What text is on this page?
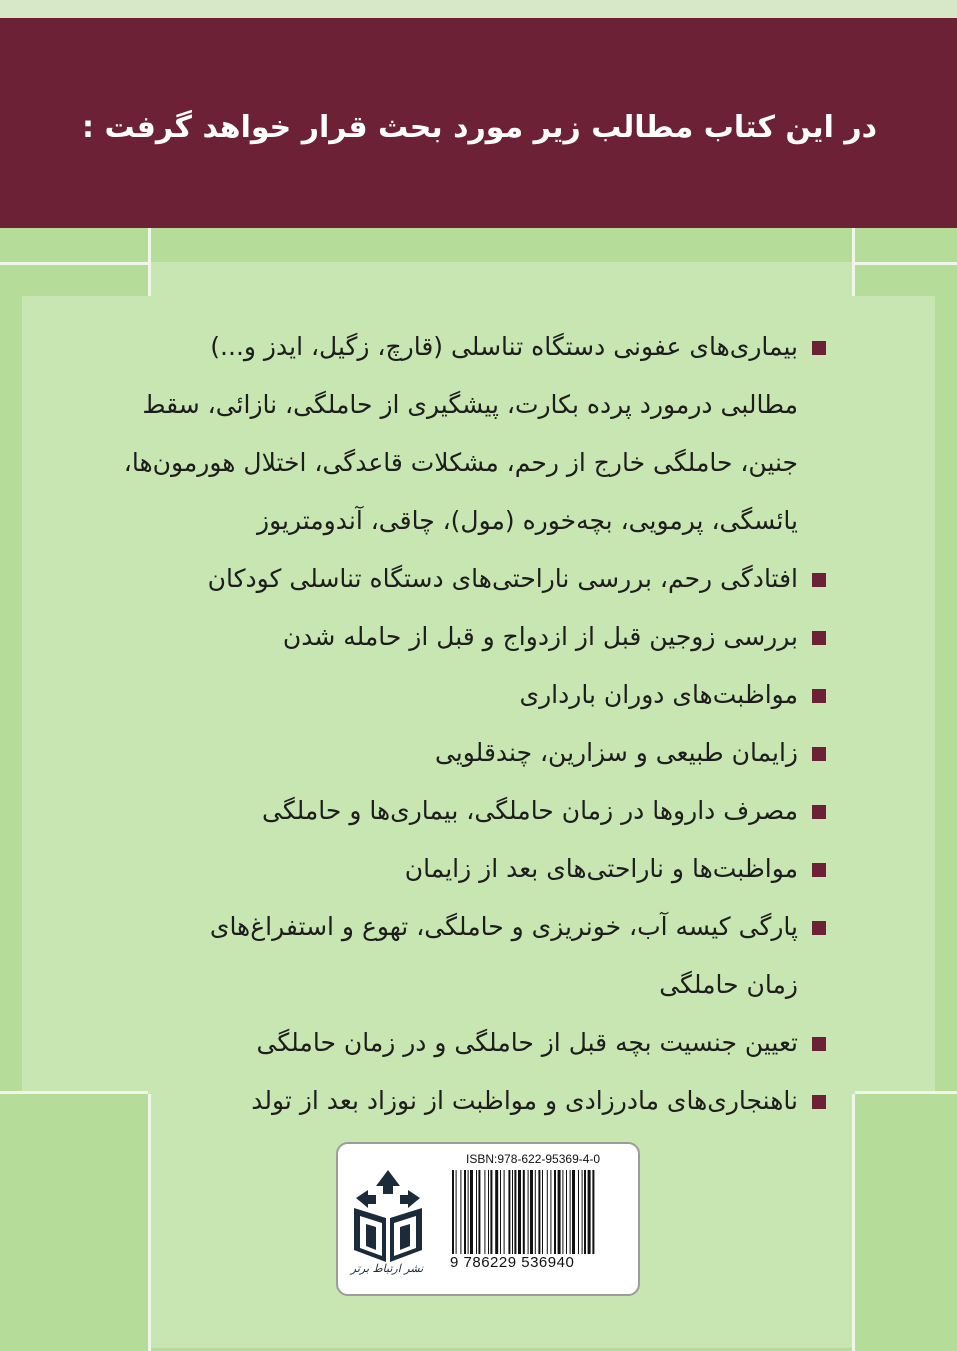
در این کتاب مطالب زیر مورد بحث قرار خواهد گرفت :
بیماری‌های عفونی دستگاه تناسلی (قارچ، زگیل، ایدز و...)
مطالبی درمورد پرده بکارت، پیشگیری از حاملگی، نازائی، سقط
جنین، حاملگی خارج از رحم، مشکلات قاعدگی، اختلال هورمون‌ها،
یائسگی، پرمویی، بچه‌خوره (مول)، چاقی، آندومتریوز
افتادگی رحم، بررسی ناراحتی‌های دستگاه تناسلی کودکان
بررسی زوجین قبل از ازدواج و قبل از حامله شدن
مواظبت‌های دوران بارداری
زایمان طبیعی و سزارین، چندقلویی
مصرف داروها در زمان حاملگی، بیماری‌ها و حاملگی
مواظبت‌ها و ناراحتی‌های بعد از زایمان
پارگی کیسه آب، خونریزی و حاملگی، تهوع و استفراغ‌های
زمان حاملگی
تعیین جنسیت بچه قبل از حاملگی و در زمان حاملگی
ناهنجاری‌های مادرزادی و مواظبت از نوزاد بعد از تولد
نشر ارتباط برتر
ISBN:978-622-95369-4-0
9 786229 536940
